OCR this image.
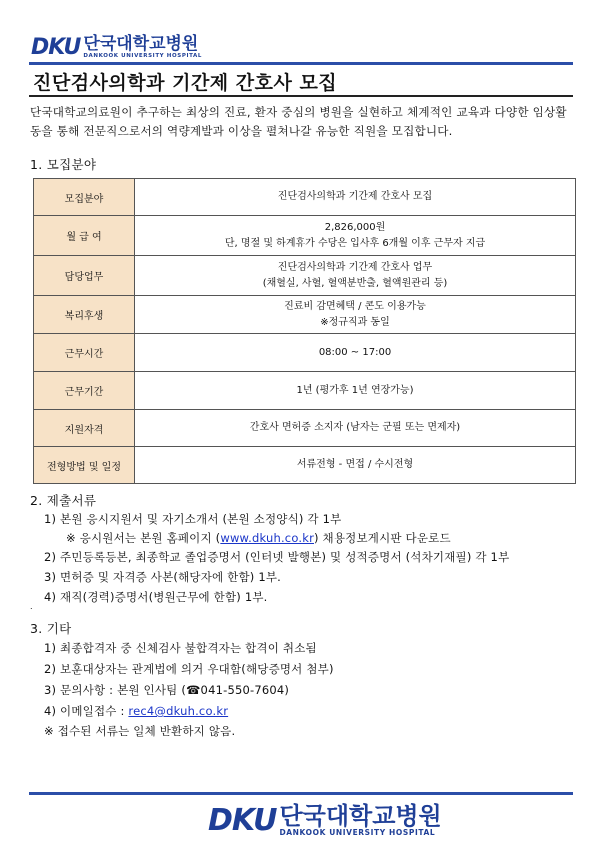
DKU 단국대학교병원
DANKOOK UNIVERSITY HOSPITAL
진단검사의학과 기간제 간호사 모집
단국대학교의료원이 추구하는 최상의 진료, 환자 중심의 병원을 실현하고 체계적인 교육과 다양한 임상활동을 통해 전문직으로서의 역량계발과 이상을 펼쳐나갈 유능한 직원을 모집합니다.
1. 모집분야
모집분야	진단검사의학과 기간제 간호사 모집

월 급 여	2,826,000원
단, 명절 및 하계휴가 수당은 입사후 6개월 이후 근무자 지급

담당업무	진단검사의학과 기간제 간호사 업무
(채혈실, 사혈, 혈액분반출, 혈액원관리 등)

복리후생	진료비 감면혜택 / 콘도 이용가능
※정규직과 동일

근무시간	08:00 ~ 17:00

근무기간	1년 (평가후 1년 연장가능)

지원자격	간호사 면허증 소지자 (남자는 군필 또는 면제자)

전형방법 및 일정	서류전형 - 면접 / 수시전형
2. 제출서류
1) 본원 응시지원서 및 자기소개서 (본원 소정양식) 각 1부
※ 응시원서는 본원 홈페이지 (www.dkuh.co.kr) 채용정보게시판 다운로드
2) 주민등록등본, 최종학교 졸업증명서 (인터넷 발행본) 및 성적증명서 (석차기재필) 각 1부
3) 면허증 및 자격증 사본(해당자에 한함) 1부.
4) 재직(경력)증명서(병원근무에 한함) 1부.
.
3. 기타
1) 최종합격자 중 신체검사 불합격자는 합격이 취소됨
2) 보훈대상자는 관계법에 의거 우대함(해당증명서 첨부)
3) 문의사항 : 본원 인사팀 (☎041-550-7604)
4) 이메일접수 : rec4@dkuh.co.kr
※ 접수된 서류는 일체 반환하지 않음.
DKU 단국대학교병원
DANKOOK UNIVERSITY HOSPITAL
